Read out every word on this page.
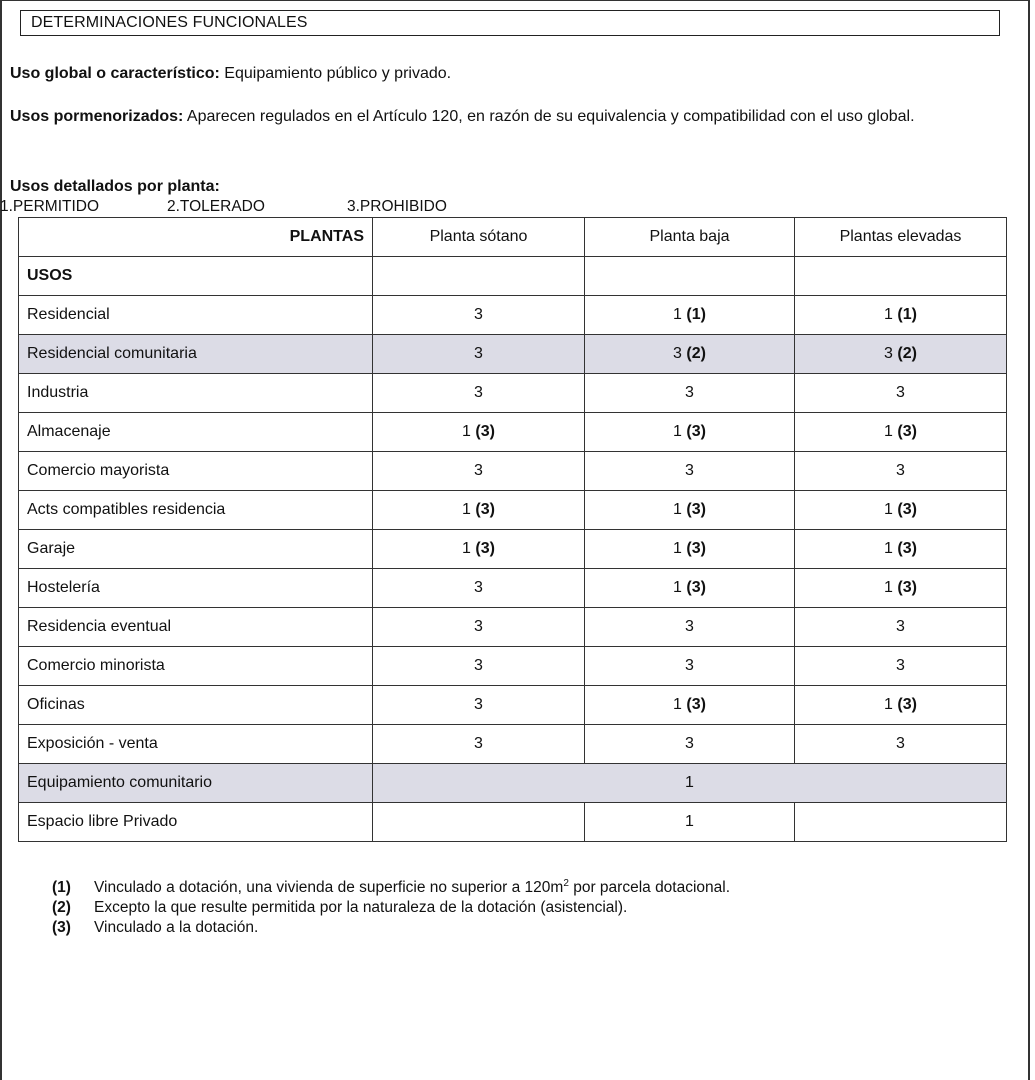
DETERMINACIONES FUNCIONALES
Uso global o característico: Equipamiento público y privado.
Usos pormenorizados: Aparecen regulados en el Artículo 120, en razón de su equivalencia y compatibilidad con el uso global.
Usos detallados por planta:
1.PERMITIDO	2.TOLERADO	3.PROHIBIDO
PLANTAS	Planta sótano	Planta baja	Plantas elevadas
USOS			
Residencial	3	1 (1)	1 (1)
Residencial comunitaria	3	3 (2)	3 (2)
Industria	3	3	3
Almacenaje	1 (3)	1 (3)	1 (3)
Comercio mayorista	3	3	3
Acts compatibles residencia	1 (3)	1 (3)	1 (3)
Garaje	1 (3)	1 (3)	1 (3)
Hostelería	3	1 (3)	1 (3)
Residencia eventual	3	3	3
Comercio minorista	3	3	3
Oficinas	3	1 (3)	1 (3)
Exposición - venta	3	3	3
Equipamiento comunitario	1		
Espacio libre Privado		1	
(1) Vinculado a dotación, una vivienda de superficie no superior a $120m^2$ por parcela dotacional.
(2) Excepto la que resulte permitida por la naturaleza de la dotación (asistencial).
(3) Vinculado a la dotación.
